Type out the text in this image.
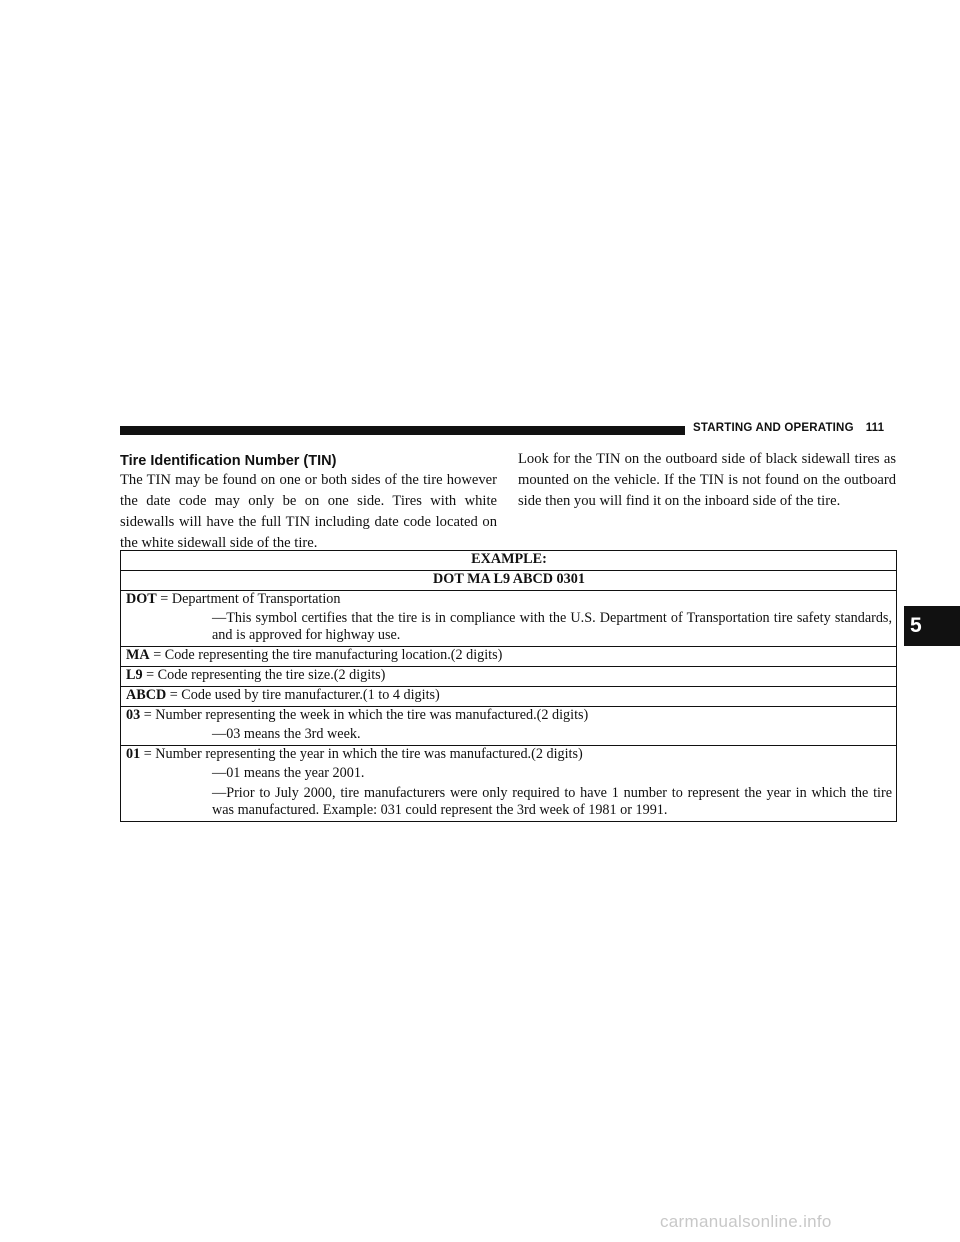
STARTING AND OPERATING 111
5
Tire Identification Number (TIN)
The TIN may be found on one or both sides of the tire however the date code may only be on one side. Tires with white sidewalls will have the full TIN including date code located on the white sidewall side of the tire.
Look for the TIN on the outboard side of black sidewall tires as mounted on the vehicle. If the TIN is not found on the outboard side then you will find it on the inboard side of the tire.
EXAMPLE:
DOT MA L9 ABCD 0301
DOT = Department of Transportation
—This symbol certifies that the tire is in compliance with the U.S. Department of Transportation tire safety standards, and is approved for highway use.

MA = Code representing the tire manufacturing location.(2 digits)
L9 = Code representing the tire size.(2 digits)
ABCD = Code used by tire manufacturer.(1 to 4 digits)
03 = Number representing the week in which the tire was manufactured.(2 digits)
—03 means the 3rd week.

01 = Number representing the year in which the tire was manufactured.(2 digits)
—01 means the year 2001.
—Prior to July 2000, tire manufacturers were only required to have 1 number to represent the year in which the tire was manufactured. Example: 031 could represent the 3rd week of 1981 or 1991.
carmanualsonline.info
